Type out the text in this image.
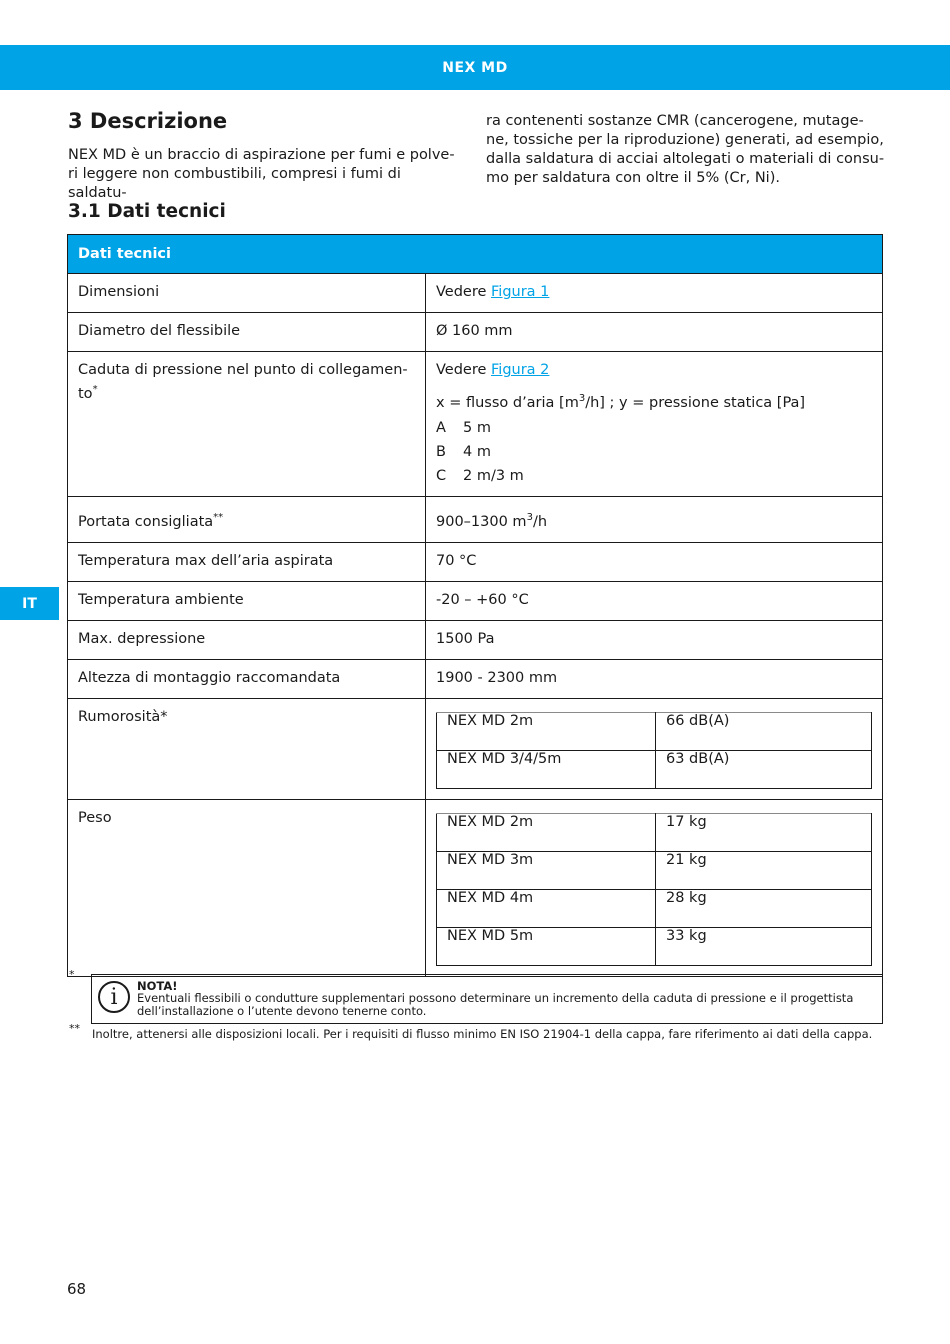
NEX MD
IT
3 Descrizione

NEX MD è un braccio di aspirazione per fumi e polve-
ri leggere non combustibili, compresi i fumi di saldatu-

ra contenenti sostanze CMR (cancerogene, mutage-
ne, tossiche per la riproduzione) generati, ad esempio,
dalla saldatura di acciai altolegati o materiali di consu-
mo per saldatura con oltre il 5% (Cr, Ni).

3.1 Dati tecnici
Dati tecnici

Dimensioni	Vedere Figura 1

Diametro del flessibile	Ø 160 mm

Caduta di pressione nel punto di collegamen-
to*

Vedere Figura 2
x = flusso d’aria $[m^3/h]$ ; y = pressione statica [Pa]
A	5 m
B	4 m
C	2 m/3 m

Portata consigliata**	900–1300 $m^3/h$

Temperatura max dell’aria aspirata	70 °C

Temperatura ambiente	-20 – +60 °C

Max. depressione	1500 Pa

Altezza di montaggio raccomandata	1900 - 2300 mm

Rumorosità*
		NEX MD 2m	66 dB(A)
NEX MD 3/4/5m	63 dB(A)

Peso
		NEX MD 2m	17 kg
NEX MD 3m	21 kg
NEX MD 4m	28 kg
NEX MD 5m	33 kg
*
i	NOTA!
Eventuali flessibili o condutture supplementari possono determinare un incremento della caduta di pressione e il progettista dell’installazione o l’utente devono tenerne conto.
** Inoltre, attenersi alle disposizioni locali. Per i requisiti di flusso minimo EN ISO 21904-1 della cappa, fare riferimento ai dati della cappa.
68
